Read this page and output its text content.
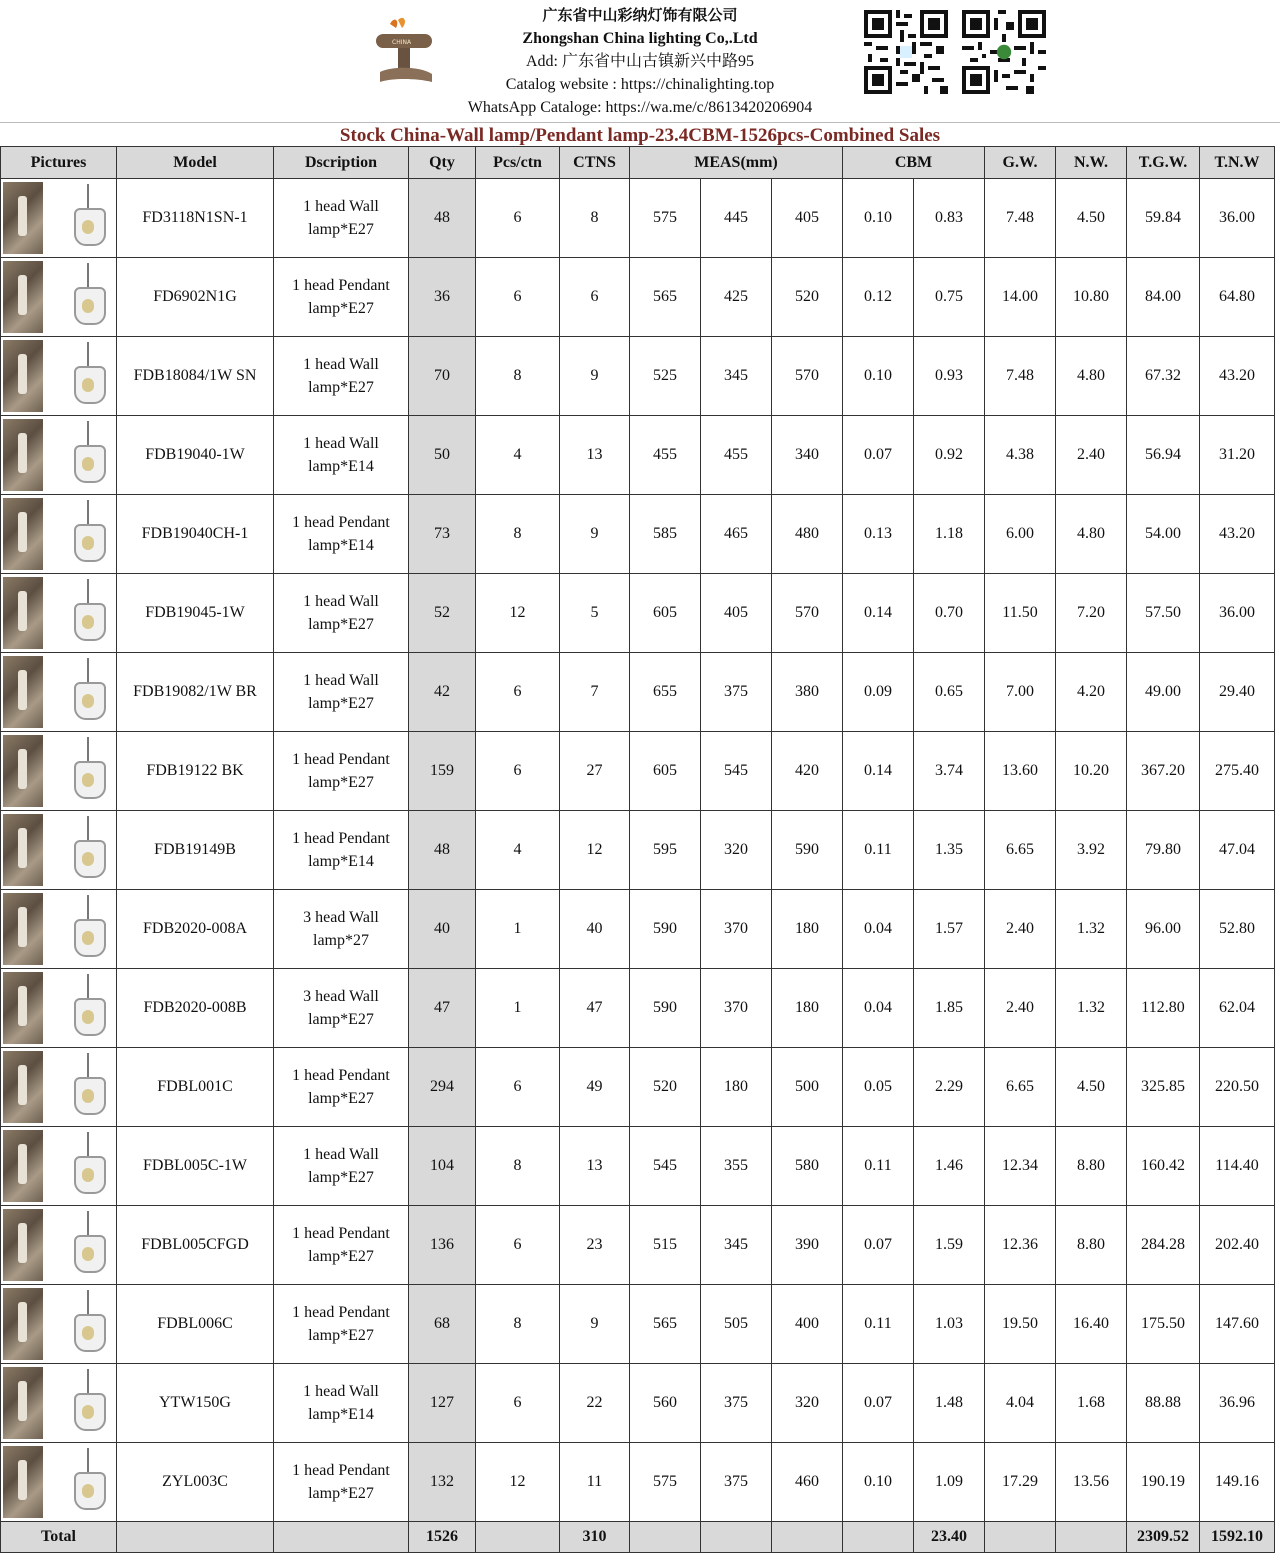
CHINA
广东省中山彩纳灯饰有限公司
Zhongshan China lighting Co,.Ltd
Add: 广东省中山古镇新兴中路95
Catalog website : https://chinalighting.top
WhatsApp Cataloge: https://wa.me/c/8613420206904
Stock China-Wall lamp/Pendant lamp-23.4CBM-1526pcs-Combined Sales
Pictures	Model	Dscription	Qty	Pcs/ctn	CTNS	MEAS(mm)			CBM		G.W.	N.W.	T.G.W.	T.N.W

	FD3118N1SN-1	1 head Wall
lamp*E27	48	6	8	575	445	405	0.10	0.83	7.48	4.50	59.84	36.00

	FD6902N1G	1 head Pendant
lamp*E27	36	6	6	565	425	520	0.12	0.75	14.00	10.80	84.00	64.80

	FDB18084/1W SN	1 head Wall
lamp*E27	70	8	9	525	345	570	0.10	0.93	7.48	4.80	67.32	43.20

	FDB19040-1W	1 head Wall
lamp*E14	50	4	13	455	455	340	0.07	0.92	4.38	2.40	56.94	31.20

	FDB19040CH-1	1 head Pendant
lamp*E14	73	8	9	585	465	480	0.13	1.18	6.00	4.80	54.00	43.20

	FDB19045-1W	1 head Wall
lamp*E27	52	12	5	605	405	570	0.14	0.70	11.50	7.20	57.50	36.00

	FDB19082/1W BR	1 head Wall
lamp*E27	42	6	7	655	375	380	0.09	0.65	7.00	4.20	49.00	29.40

	FDB19122 BK	1 head Pendant
lamp*E27	159	6	27	605	545	420	0.14	3.74	13.60	10.20	367.20	275.40

	FDB19149B	1 head Pendant
lamp*E14	48	4	12	595	320	590	0.11	1.35	6.65	3.92	79.80	47.04

	FDB2020-008A	3 head Wall
lamp*27	40	1	40	590	370	180	0.04	1.57	2.40	1.32	96.00	52.80

	FDB2020-008B	3 head Wall
lamp*E27	47	1	47	590	370	180	0.04	1.85	2.40	1.32	112.80	62.04

	FDBL001C	1 head Pendant
lamp*E27	294	6	49	520	180	500	0.05	2.29	6.65	4.50	325.85	220.50

	FDBL005C-1W	1 head Wall
lamp*E27	104	8	13	545	355	580	0.11	1.46	12.34	8.80	160.42	114.40

	FDBL005CFGD	1 head Pendant
lamp*E27	136	6	23	515	345	390	0.07	1.59	12.36	8.80	284.28	202.40

	FDBL006C	1 head Pendant
lamp*E27	68	8	9	565	505	400	0.11	1.03	19.50	16.40	175.50	147.60

	YTW150G	1 head Wall
lamp*E14	127	6	22	560	375	320	0.07	1.48	4.04	1.68	88.88	36.96

	ZYL003C	1 head Pendant
lamp*E27	132	12	11	575	375	460	0.10	1.09	17.29	13.56	190.19	149.16
Total			1526		310					23.40			2309.52	1592.10
